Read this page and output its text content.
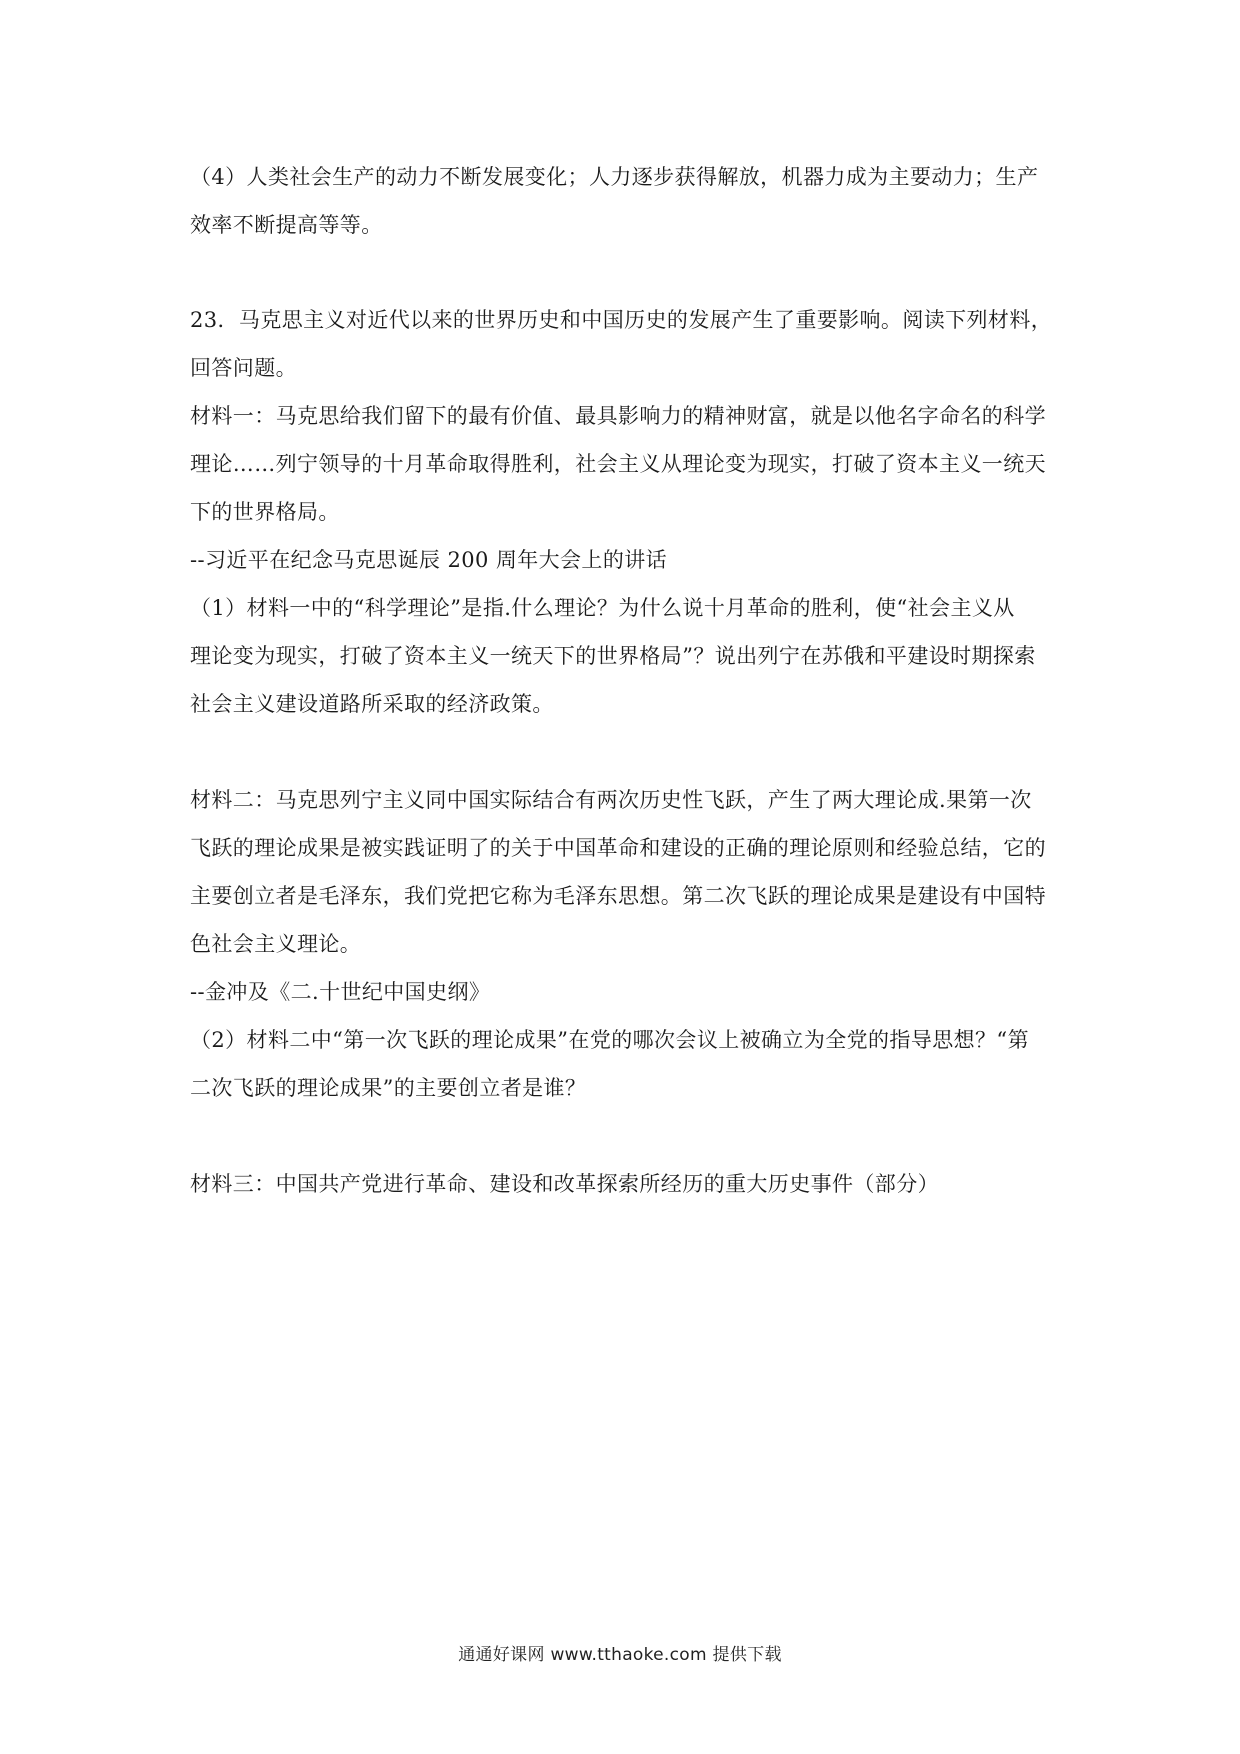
（4）人类社会生产的动力不断发展变化；人力逐步获得解放，机器力成为主要动力；生产
效率不断提高等等。
23．马克思主义对近代以来的世界历史和中国历史的发展产生了重要影响。阅读下列材料，
回答问题。
材料一：马克思给我们留下的最有价值、最具影响力的精神财富，就是以他名字命名的科学
理论……列宁领导的十月革命取得胜利，社会主义从理论变为现实，打破了资本主义一统天
下的世界格局。
--习近平在纪念马克思诞辰 200 周年大会上的讲话
（1）材料一中的“科学理论”是指.什么理论？为什么说十月革命的胜利，使“社会主义从
理论变为现实，打破了资本主义一统天下的世界格局”？说出列宁在苏俄和平建设时期探索
社会主义建设道路所采取的经济政策。
材料二：马克思列宁主义同中国实际结合有两次历史性飞跃，产生了两大理论成.果第一次
飞跃的理论成果是被实践证明了的关于中国革命和建设的正确的理论原则和经验总结，它的
主要创立者是毛泽东，我们党把它称为毛泽东思想。第二次飞跃的理论成果是建设有中国特
色社会主义理论。
--金冲及《二.十世纪中国史纲》
（2）材料二中“第一次飞跃的理论成果”在党的哪次会议上被确立为全党的指导思想？“第
二次飞跃的理论成果”的主要创立者是谁？
材料三：中国共产党进行革命、建设和改革探索所经历的重大历史事件（部分）
通通好课网 www.tthaoke.com 提供下载
